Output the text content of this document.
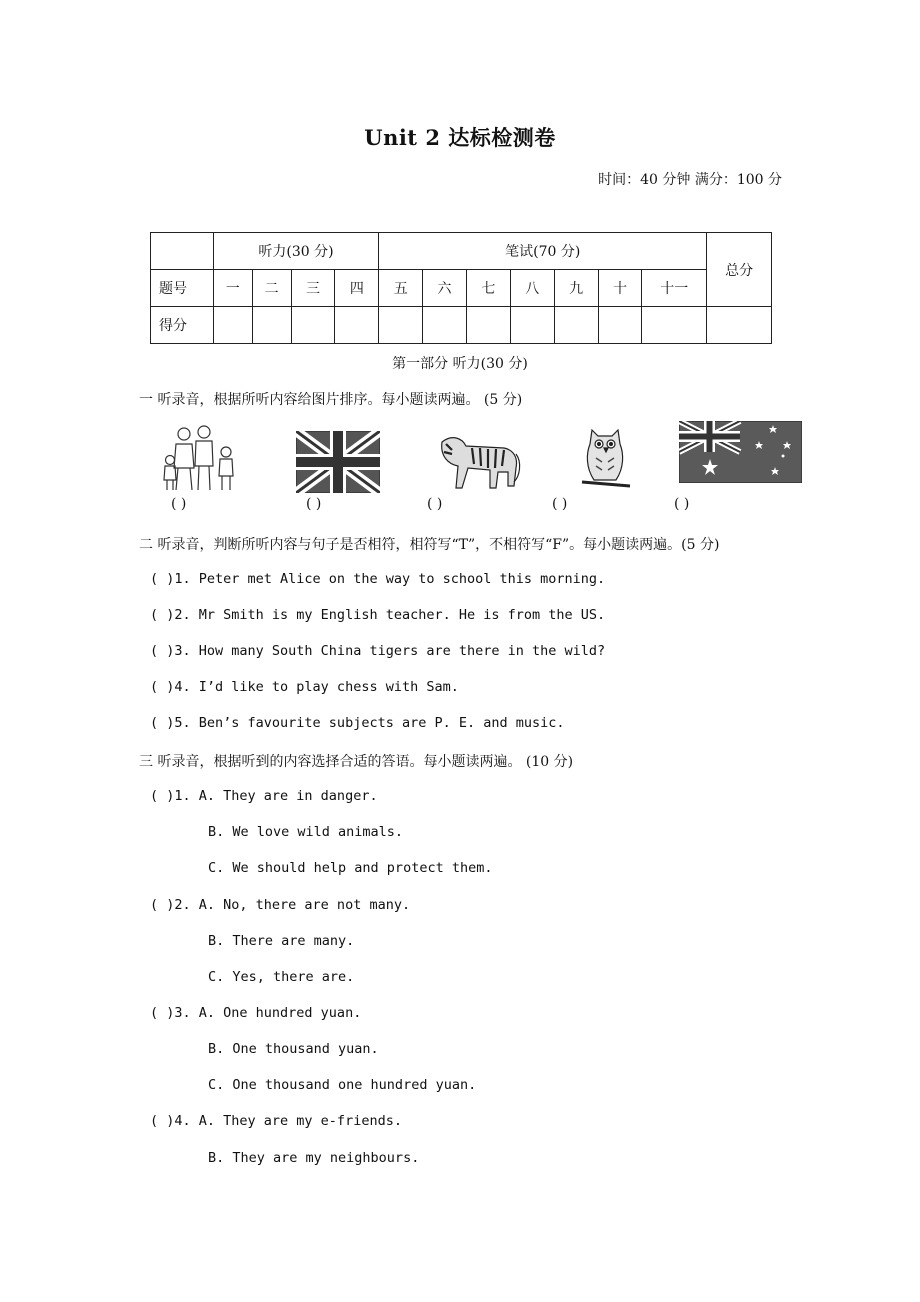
Unit 2 达标检测卷
时间：40 分钟 满分：100 分
	听力(30 分)				笔试(70 分)							总分
题号	一	二	三	四	五	六	七	八	九	十	十一	
得分												
第一部分 听力(30 分)
一 听录音，根据所听内容给图片排序。每小题读两遍。 (5 分)
( )	( )	( )	( )	( )
二 听录音，判断所听内容与句子是否相符，相符写“T”，不相符写“F”。每小题读两遍。(5 分)
( )1. Peter met Alice on the way to school this morning.
( )2. Mr Smith is my English teacher. He is from the US.
( )3. How many South China tigers are there in the wild?
( )4. I’d like to play chess with Sam.
( )5. Ben’s favourite subjects are P. E. and music.
三 听录音，根据听到的内容选择合适的答语。每小题读两遍。 (10 分)
( )1. A. They are in danger.
B. We love wild animals.
C. We should help and protect them.
( )2. A. No, there are not many.
B. There are many.
C. Yes, there are.
( )3. A. One hundred yuan.
B. One thousand yuan.
C. One thousand one hundred yuan.
( )4. A. They are my e-friends.
B. They are my neighbours.
